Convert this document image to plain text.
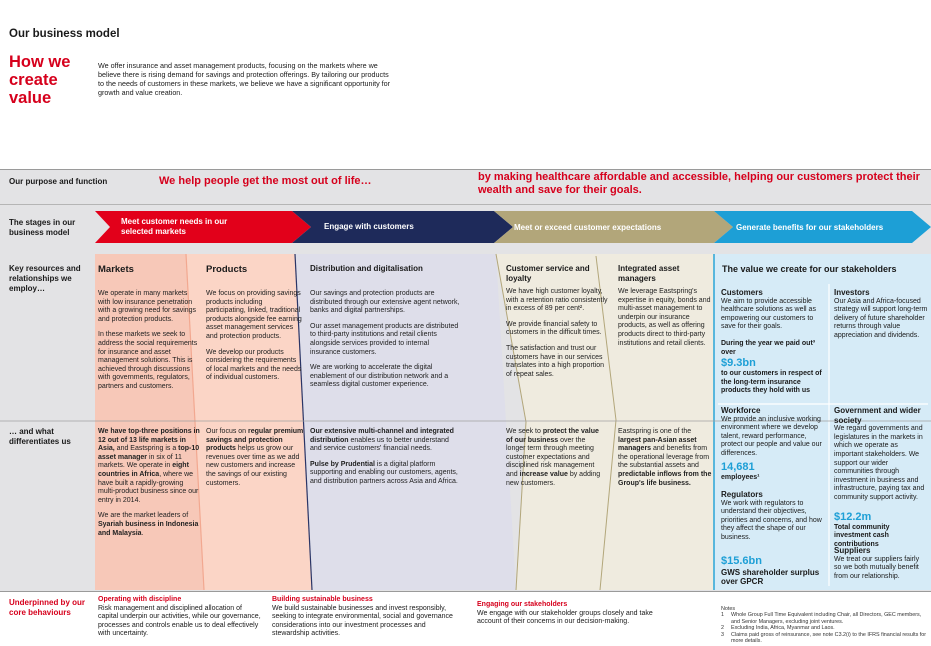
Our business model
How we
create
value
We offer insurance and asset management products, focusing on the markets where we believe there is rising demand for savings and protection offerings. By tailoring our products to the needs of customers in these markets, we believe we have a significant opportunity for growth and value creation.
Our purpose and function	We help people get the most out of life…	by making healthcare affordable and accessible, helping our customers protect their wealth and save for their goals.
The stages in our business model
Meet customer needs in our selected markets
Engage with customers	Meet or exceed customer expectations	Generate benefits for our stakeholders
Key resources and relationships we employ…
… and what differentiates us
Markets

We operate in many markets with low insurance penetration with a growing need for savings and protection products.

In these markets we seek to address the social requirements for insurance and asset management solutions. This is achieved through discussions with governments, regulators, partners and customers.

We have top-three positions in 12 out of 13 life markets in Asia, and Eastspring is a top-10 asset manager in six of 11 markets. We operate in eight countries in Africa, where we have built a rapidly-growing multi-product business since our entry in 2014.

We are the market leaders of Syariah business in Indonesia and Malaysia.

Products

We focus on providing savings products including participating, linked, traditional products alongside fee earning asset management services and protection products.

We develop our products considering the requirements of local markets and the needs of individual customers.

Our focus on regular premium savings and protection products helps us grow our revenues over time as we add new customers and increase the savings of our existing customers.

Distribution and digitalisation

Our savings and protection products are distributed through our extensive agent network, banks and digital partnerships.

Our asset management products are distributed to third-party institutions and retail clients alongside services provided to internal insurance customers.

We are working to accelerate the digital enablement of our distribution network and a seamless digital customer experience.

Our extensive multi-channel and integrated distribution enables us to better understand and service customers' financial needs.

Pulse by Prudential is a digital platform supporting and enabling our customers, agents, and distribution partners across Asia and Africa.

Customer service and loyalty

We have high customer loyalty, with a retention ratio consistently in excess of 89 per cent².

We provide financial safety to customers in the difficult times.

The satisfaction and trust our customers have in our services translates into a high proportion of repeat sales.

We seek to protect the value of our business over the longer term through meeting customer expectations and disciplined risk management and increase value by adding new customers.

Integrated asset managers

We leverage Eastspring's expertise in equity, bonds and multi-asset management to underpin our insurance products, as well as offering products direct to third-party institutions and retail clients.

Eastspring is one of the largest pan-Asian asset managers and benefits from the operational leverage from the substantial assets and predictable inflows from the Group's life business.

The value we create for our stakeholders
Customers
We aim to provide accessible healthcare solutions as well as empowering our customers to save for their goals.
During the year we paid out³ over
$9.3bn
to our customers in respect of the long-term insurance products they hold with us
Investors
Our Asia and Africa-focused strategy will support long-term delivery of future shareholder returns through value appreciation and dividends.
Workforce
We provide an inclusive working environment where we develop talent, reward performance, protect our people and value our differences.
14,681
employees¹
Government and wider society
We regard governments and legislatures in the markets in which we operate as important stakeholders. We support our wider communities through investment in business and infrastructure, paying tax and community support activity.
$12.2m
Total community investment cash contributions
Regulators
We work with regulators to understand their objectives, priorities and concerns, and how they affect the shape of our business.
$15.6bn
GWS shareholder surplus over GPCR
Suppliers
We treat our suppliers fairly so we both mutually benefit from our relationship.
Underpinned by our core behaviours
Operating with discipline
Risk management and disciplined allocation of capital underpin our activities, while our governance, processes and controls enable us to deal effectively with uncertainty.
Building sustainable business
We build sustainable businesses and invest responsibly, seeking to integrate environmental, social and governance considerations into our investment processes and stewardship activities.
Engaging our stakeholders
We engage with our stakeholder groups closely and take account of their concerns in our decision-making.
Notes
1	Whole Group Full Time Equivalent including Chair, all Directors, GEC members, and Senior Managers, excluding joint ventures.
2	Excluding India, Africa, Myanmar and Laos.
3	Claims paid gross of reinsurance, see note C3.2(i) to the IFRS financial results for more details.
